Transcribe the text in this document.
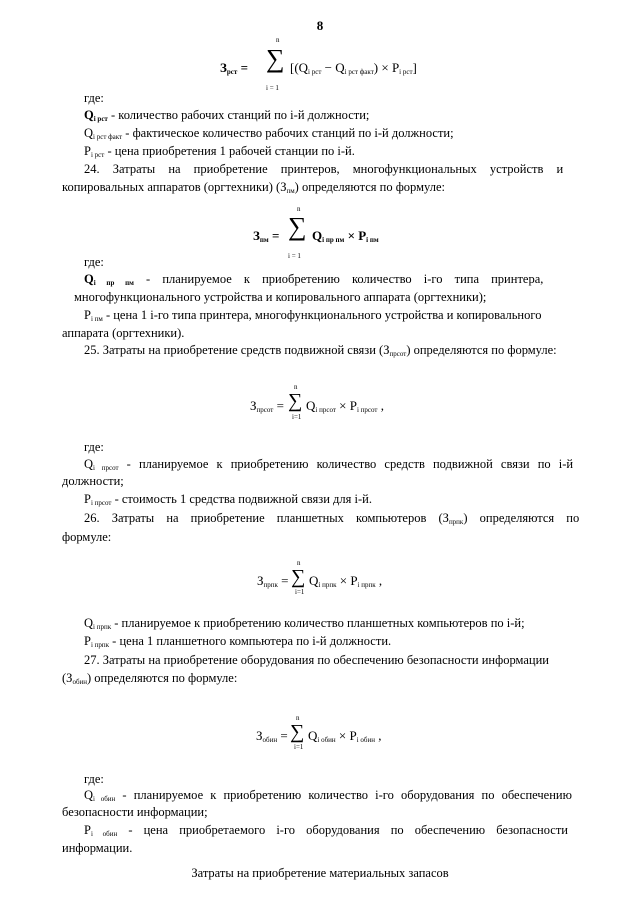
8
$З_{рст}$ =
n
∑
i = 1
$[(Q_{i рст} - Q_{i рст факт}) \times P_{i рст}]$
где:
$Q_{i рст}$ - количество рабочих станций по i-й должности;
$Q_{i рст факт}$ - фактическое количество рабочих станций по i-й должности;
$P_{i рст}$ - цена приобретения 1 рабочей станции по i-й.
24. Затраты на приобретение принтеров, многофункциональных устройств и
копировальных аппаратов (оргтехники) $(З_{пм})$ определяются по формуле:
$З_{пм}$ =
n
∑
i = 1
$Q_{i пр пм} \times P_{i пм}$
где:
$Q_{i пр пм}$ - планируемое к приобретению количество i-го типа принтера,
многофункционального устройства и копировального аппарата (оргтехники);
$P_{i пм}$ - цена 1 i-го типа принтера, многофункционального устройства и копировального
аппарата (оргтехники).
25. Затраты на приобретение средств подвижной связи $(З_{прсот})$ определяются по формуле:
$З_{прсот}$ =
n
∑
i=1
$Q_{i прсот} \times P_{i прсот}$ ,
где:
$Q_{i прсот}$ - планируемое к приобретению количество средств подвижной связи по i-й
должности;
$P_{i прсот}$ - стоимость 1 средства подвижной связи для i-й.
26. Затраты на приобретение планшетных компьютеров $(З_{прпк})$ определяются по
формуле:
$З_{прпк}$ =
n
∑
i=1
$Q_{i прпк} \times P_{i прпк}$ ,
$Q_{i прпк}$ - планируемое к приобретению количество планшетных компьютеров по i-й;
$P_{i прпк}$ - цена 1 планшетного компьютера по i-й должности.
27. Затраты на приобретение оборудования по обеспечению безопасности информации
$(З_{обин})$ определяются по формуле:
$З_{обин}$ =
n
∑
i=1
$Q_{i обин} \times P_{i обин}$ ,
где:
$Q_{i обин}$ - планируемое к приобретению количество i-го оборудования по обеспечению
безопасности информации;
$P_{i обин}$ - цена приобретаемого i-го оборудования по обеспечению безопасности
информации.
Затраты на приобретение материальных запасов
